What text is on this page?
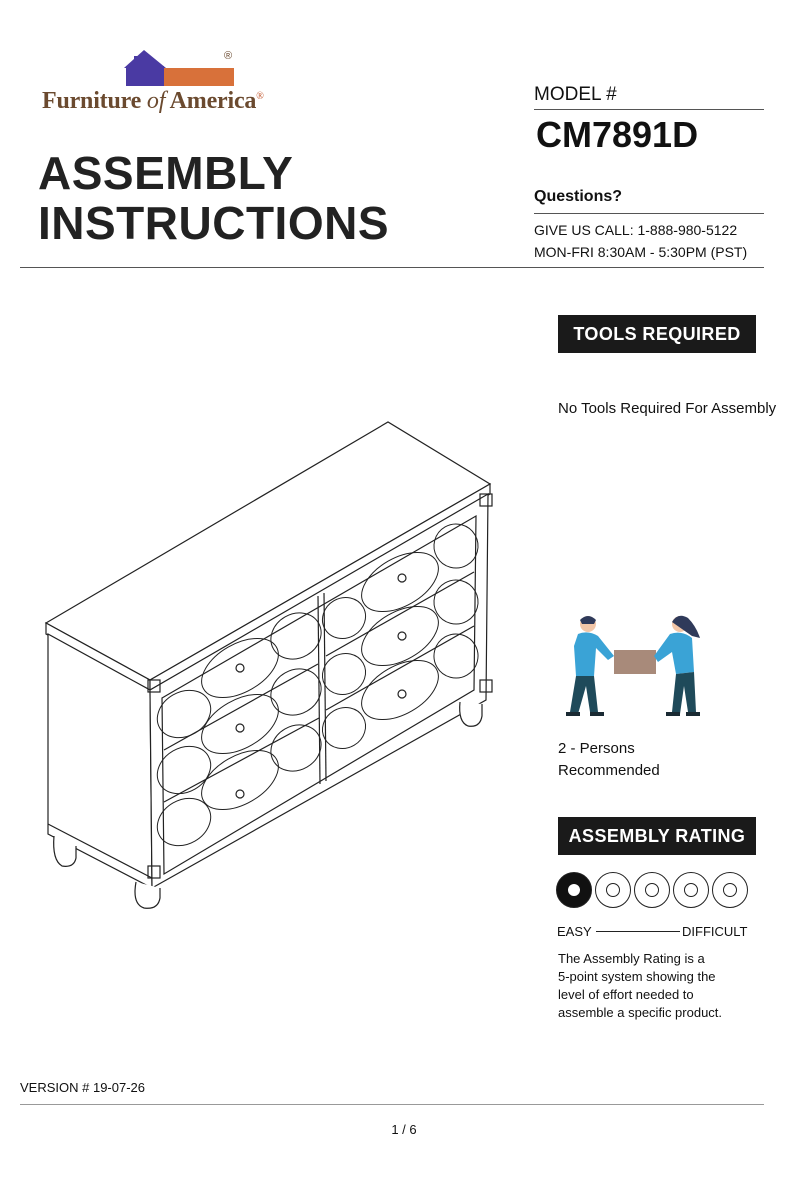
®
Furniture of America®
ASSEMBLY
INSTRUCTIONS
MODEL #
CM7891D
Questions?
GIVE US CALL: 1-888-980-5122
MON-FRI 8:30AM - 5:30PM (PST)
TOOLS REQUIRED
No Tools Required For Assembly
2 - Persons
Recommended
ASSEMBLY RATING
EASY	DIFFICULT
The Assembly Rating is a
5-point system showing the
level of effort needed to
assemble a specific product.
VERSION # 19-07-26
1 / 6
